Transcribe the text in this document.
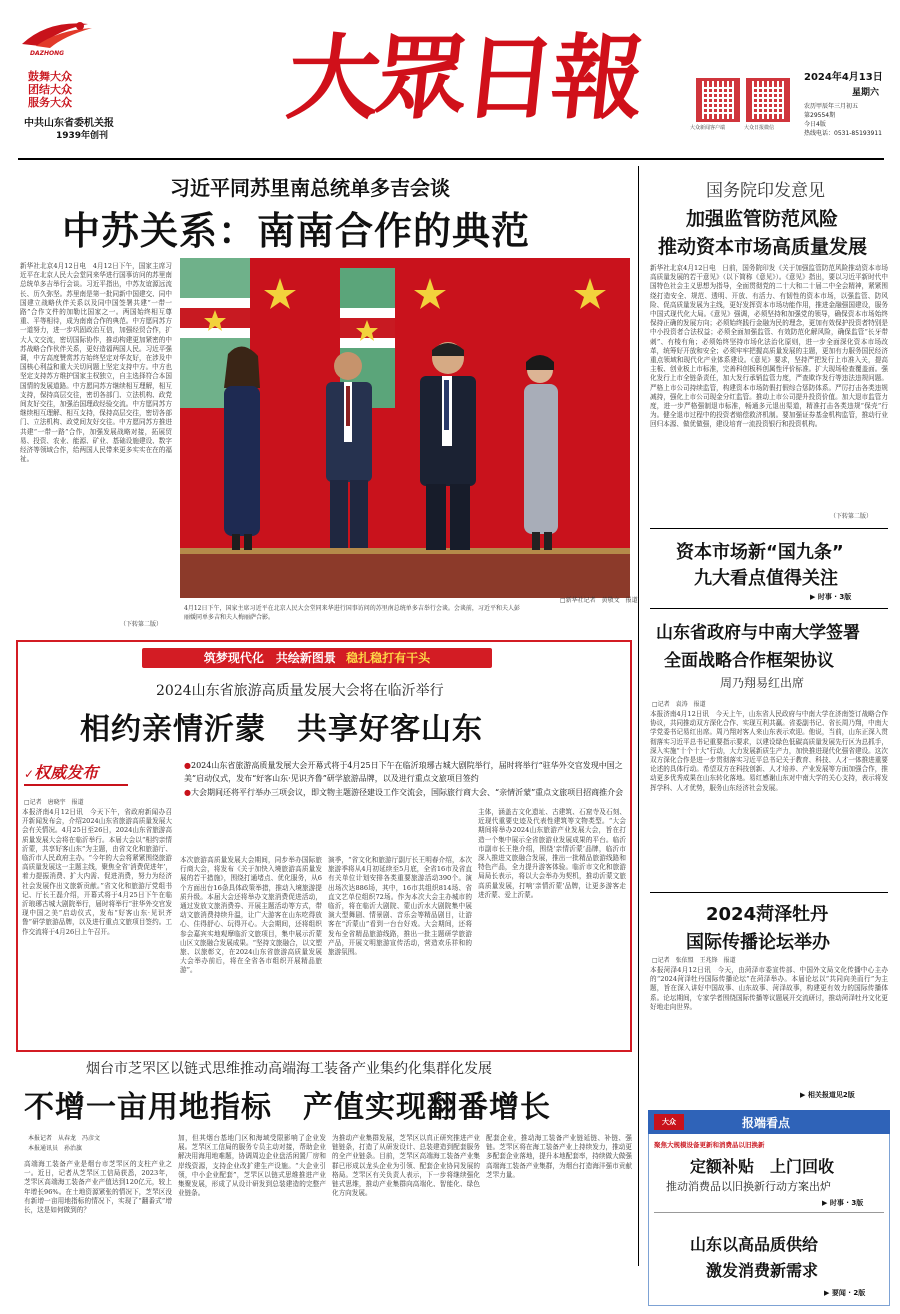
DAZHONG
鼓舞大众
团结大众
服务大众
中共山东省委机关报
1939年创刊
大眾日報	大众新闻客户端	大众日报微信
2024年4月13日
星期六
农历甲辰年三月初五
第29554期
今日4版
热线电话：0531-85193911
习近平同苏里南总统单多吉会谈
中苏关系：南南合作的典范
新华社北京4月12日电　4月12日下午，国家主席习近平在北京人民大会堂同来华进行国事访问的苏里南总统单多吉举行会谈。习近平指出，中苏友谊源远流长、历久弥坚。苏里南是第一批同新中国建交、同中国建立战略伙伴关系以及同中国签署共建“一带一路”合作文件的加勒比国家之一。两国始终相互尊重、平等相待，成为南南合作的典范。中方愿同苏方一道努力，进一步巩固政治互信，加强经贸合作，扩大人文交流，密切国际协作，推动构建更加紧密的中苏战略合作伙伴关系，更好造福两国人民。习近平强调，中方高度赞赏苏方始终坚定对华友好，在涉及中国核心利益和重大关切问题上坚定支持中方。中方也坚定支持苏方维护国家主权独立，自主选择符合本国国情的发展道路。中方愿同苏方继续相互理解，相互支持，保持高层交往，密切各部门、立法机构、政党间友好交往，加强治国理政经验交流。中方愿同苏方继续相互理解、相互支持，保持高层交往，密切各部门、立法机构、政党间友好交往。中方愿同苏方推进共建“一带一路”合作，加强发展战略对接，拓展贸易、投资、农业、能源、矿业、基础设施建设、数字经济等领域合作，给两国人民带来更多实实在在的福祉。
（下转第二版）
4月12日下午，国家主席习近平在北京人民大会堂同来华进行国事访问的苏里南总统单多吉举行会谈。会谈前，习近平和夫人彭丽媛同单多吉和夫人梅丽萨合影。
□新华社记者　黄敬文　报道
国务院印发意见
加强监管防范风险
推动资本市场高质量发展
新华社北京4月12日电　日前，国务院印发《关于加强监管防范风险推动资本市场高质量发展的若干意见》（以下简称《意见》）。《意见》指出，要以习近平新时代中国特色社会主义思想为指导，全面贯彻党的二十大和二十届二中全会精神，紧紧围绕打造安全、规范、透明、开放、有活力、有韧性的资本市场，以强监管、防风险、促高质量发展为主线，更好发挥资本市场功能作用，推进金融强国建设，服务中国式现代化大局。《意见》强调，必须坚持和加强党的领导，确保资本市场始终保持正确的发展方向；必须始终践行金融为民的理念，更加有效保护投资者特别是中小投资者合法权益；必须全面加强监管、有效防范化解风险，确保监管“长牙带刺”、有棱有角；必须始终坚持市场化法治化原则，进一步全面深化资本市场改革，统筹好开放和安全；必须牢牢把握高质量发展的主题，更加有力服务国民经济重点领域和现代化产业体系建设。《意见》要求，坚持严把发行上市准入关，提高主板、创业板上市标准，完善科创板科创属性评价标准。扩大现场检查覆盖面。强化发行上市全链条责任，加大发行承销监管力度，严查欺诈发行等违法违规问题。严格上市公司持续监管，构建资本市场防假打假综合惩防体系。严厉打击各类违规减持，强化上市公司现金分红监管。推动上市公司提升投资价值。加大退市监管力度，进一步严格强制退市标准，畅通多元退出渠道，精准打击各类违规“保壳”行为。健全退市过程中的投资者赔偿救济机制。要加强证券基金机构监管，推动行业回归本源、做优做强，建设培育一流投资银行和投资机构。
（下转第二版）
资本市场新“国九条”
九大看点值得关注
▶ 时事 · 3版
山东省政府与中南大学签署
全面战略合作框架协议
周乃翔易红出席
□记者　袁涛　报道
本报济南4月12日讯　今天上午，山东省人民政府与中南大学在济南签订战略合作协议，共同推动双方深化合作、实现互利共赢。省委副书记、省长周乃翔，中南大学党委书记易红出席。周乃翔对客人来山东表示欢迎。他说，当前，山东正深入贯彻落实习近平总书记重要指示要求，以建设绿色低碳高质量发展先行区为总抓手，深入实施“十个十大”行动，大力发展新质生产力，加快推进现代化强省建设。这次双方深化合作是进一步贯彻落实习近平总书记关于教育、科技、人才一体推进重要论述的具体行动。希望双方在科技创新、人才培养、产业发展等方面加强合作，推动更多优秀成果在山东转化落地。易红感谢山东对中南大学的关心支持，表示将发挥学科、人才优势，服务山东经济社会发展。
2024菏泽牡丹
国际传播论坛举办
□记者　张依盟　王兆锋　报道
本报菏泽4月12日讯　今天，由菏泽市委宣传部、中国外文局文化传播中心主办的“2024菏泽牡丹国际传播论坛”在菏泽举办。本届论坛以“共同向美而行”为主题，旨在深入讲好中国故事、山东故事、菏泽故事，构建更有效力的国际传播体系。论坛期间，专家学者围绕国际传播等议题展开交流研讨，推动菏泽牡丹文化更好地走向世界。
▶ 相关报道见2版
筑梦现代化　共绘新图景 稳扎稳打有干头
2024山东省旅游高质量发展大会将在临沂举行
相约亲情沂蒙　共享好客山东
✓权威发布	●2024山东省旅游高质量发展大会开幕式将于4月25日下午在临沂琅琊古城大剧院举行，届时将举行“驻华外交官发现中国之美”启动仪式，发布“好客山东·见识齐鲁”研学旅游品牌，以及进行重点文旅项目签约
●大会期间还将平行举办三项会议，即文物主题游径建设工作交流会，国际旅行商大会、“亲情沂蒙”重点文旅项目招商推介会
□记者　唐晓宇　报道
本报济南4月12日讯　今天下午，省政府新闻办召开新闻发布会，介绍2024山东省旅游高质量发展大会有关情况。4月25日至26日，2024山东省旅游高质量发展大会将在临沂举行。本届大会以“相约亲情沂蒙，共享好客山东”为主题，由省文化和旅游厅、临沂市人民政府主办。“今年的大会将紧紧围绕旅游高质量发展这一主题主线，聚焦全省‘消费促进年’，着力提振消费、扩大内需、促进消费，努力为经济社会发展作出文旅新贡献。”省文化和旅游厅党组书记、厅长王磊介绍，开幕式将于4月25日下午在临沂琅琊古城大剧院举行，届时将举行“驻华外交官发现中国之美”启动仪式，发布“好客山东·见识齐鲁”研学旅游品牌，以及进行重点文旅项目签约。工作交流将于4月26日上午召开。
本次旅游高质量发展大会期间，同步举办国际旅行商大会，将发布《关于加快入境旅游高质量发展的若干措施》，围绕打通堵点、优化服务，从6个方面出台16条具体政策举措，推动入境旅游提质升级。本届大会还将举办文旅消费促进活动，通过发放文旅消费券、开展主题活动等方式，带动文旅消费持续升温，让广大游客在山东吃得放心、住得舒心、玩得开心。大会期间，还将组织参会嘉宾实地观摩临沂文旅项目，集中展示沂蒙山区文旅融合发展成果。“坚持文旅融合，以文塑旅、以旅彰文，在2024山东省旅游高质量发展大会举办前后，将在全省各市组织开展精品旅游”。
演季，“省文化和旅游厅副厅长王明春介绍，本次旅游季将从4月初延续至5月底，全省16市及省直有关单位计划安排各类重要旅游活动390个。演出场次达886场，其中，16市共组织814场、省直文艺单位组织72场。作为本次大会主办城市的临沂，将在临沂大剧院、蒙山沂水大剧院集中展演大型舞剧、情景剧、音乐会等精品剧目，让游客在“沂蒙山”看到一台台好戏。大会期间，还将发布全省精品旅游线路，推出一批主题研学旅游产品，开展文明旅游宣传活动，营造欢乐祥和的旅游氛围。
主体，涵盖古文化遗址、古建筑、石窟寺及石刻、近现代重要史迹及代表性建筑等文物类型。“大会期间将举办2024山东旅游产业发展大会，旨在打造一个集中展示全省旅游业发展成果的平台。临沂市副市长王艳介绍，围绕‘亲情沂蒙’品牌，临沂市深入推进文旅融合发展，推出一批精品旅游线路和特色产品，全力提升游客体验。临沂市文化和旅游局局长表示，将以大会举办为契机，推动沂蒙文旅高质量发展，打响‘亲情沂蒙’品牌，让更多游客走进沂蒙、爱上沂蒙。
烟台市芝罘区以链式思维推动高端海工装备产业集约化集群化发展
不增一亩用地指标　产值实现翻番增长
本报记者　从春龙　冯彦文
本报通讯员　孙治旗
高端海工装备产业是烟台市芝罘区的支柱产业之一。近日，记者从芝罘区工信局获悉，2023年，芝罘区高端海工装备产业产值达到120亿元，较上年增长96%。在土地资源紧张的情况下，芝罘区没有新增一亩用地指标的情况下，实现了“翻番式”增长，这是如何做到的？
加，但其烟台基地门区和海域受限影响了企业发展。芝罘区工信局的服务专员主动对接，帮助企业解决用海用地难题，协调周边企业盘活闲置厂房和岸线资源，支持企业改扩建生产设施。“大企业引领，中小企业配套”，芝罘区以链式思维推进产业集聚发展，形成了从设计研发到总装建造的完整产业链条。
为推动产业集群发展，芝罘区以真正研究推进产业链链条，打造了从研发设计、总装建造到配套服务的全产业链条。目前，芝罘区高端海工装备产业集群已形成以龙头企业为引领、配套企业协同发展的格局。芝罘区有关负责人表示，下一步将继续强化链式思维，推动产业集群向高端化、智能化、绿色化方向发展。
配套企业，推动海工装备产业链延链、补链、强链。芝罘区将在海工装备产业上持续发力，推动更多配套企业落地，提升本地配套率，持续做大做强高端海工装备产业集群，为烟台打造海洋强市贡献芝罘力量。
大众	报端看点
聚焦大规模设备更新和消费品以旧换新
定额补贴　上门回收
推动消费品以旧换新行动方案出炉
▶ 时事 · 3版
山东以高品质供给
激发消费新需求
▶ 要闻 · 2版
